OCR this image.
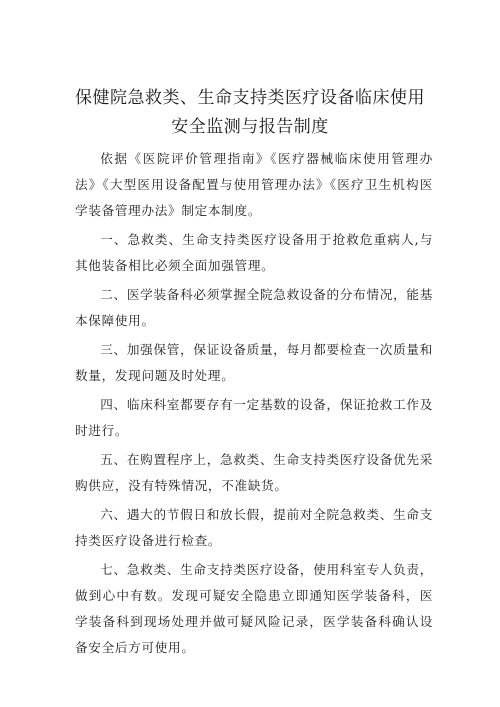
保健院急救类、生命支持类医疗设备临床使用安全监测与报告制度

依据《医院评价管理指南》《医疗器械临床使用管理办法》《大型医用设备配置与使用管理办法》《医疗卫生机构医学装备管理办法》制定本制度。

一、急救类、生命支持类医疗设备用于抢救危重病人,与其他装备相比必须全面加强管理。

二、医学装备科必须掌握全院急救设备的分布情况，能基本保障使用。

三、加强保管，保证设备质量，每月都要检查一次质量和数量，发现问题及时处理。

四、临床科室都要存有一定基数的设备，保证抢救工作及时进行。

五、在购置程序上，急救类、生命支持类医疗设备优先采购供应，没有特殊情况，不准缺货。

六、遇大的节假日和放长假，提前对全院急救类、生命支持类医疗设备进行检查。

七、急救类、生命支持类医疗设备，使用科室专人负责，做到心中有数。发现可疑安全隐患立即通知医学装备科，医学装备科到现场处理并做可疑风险记录，医学装备科确认设备安全后方可使用。
